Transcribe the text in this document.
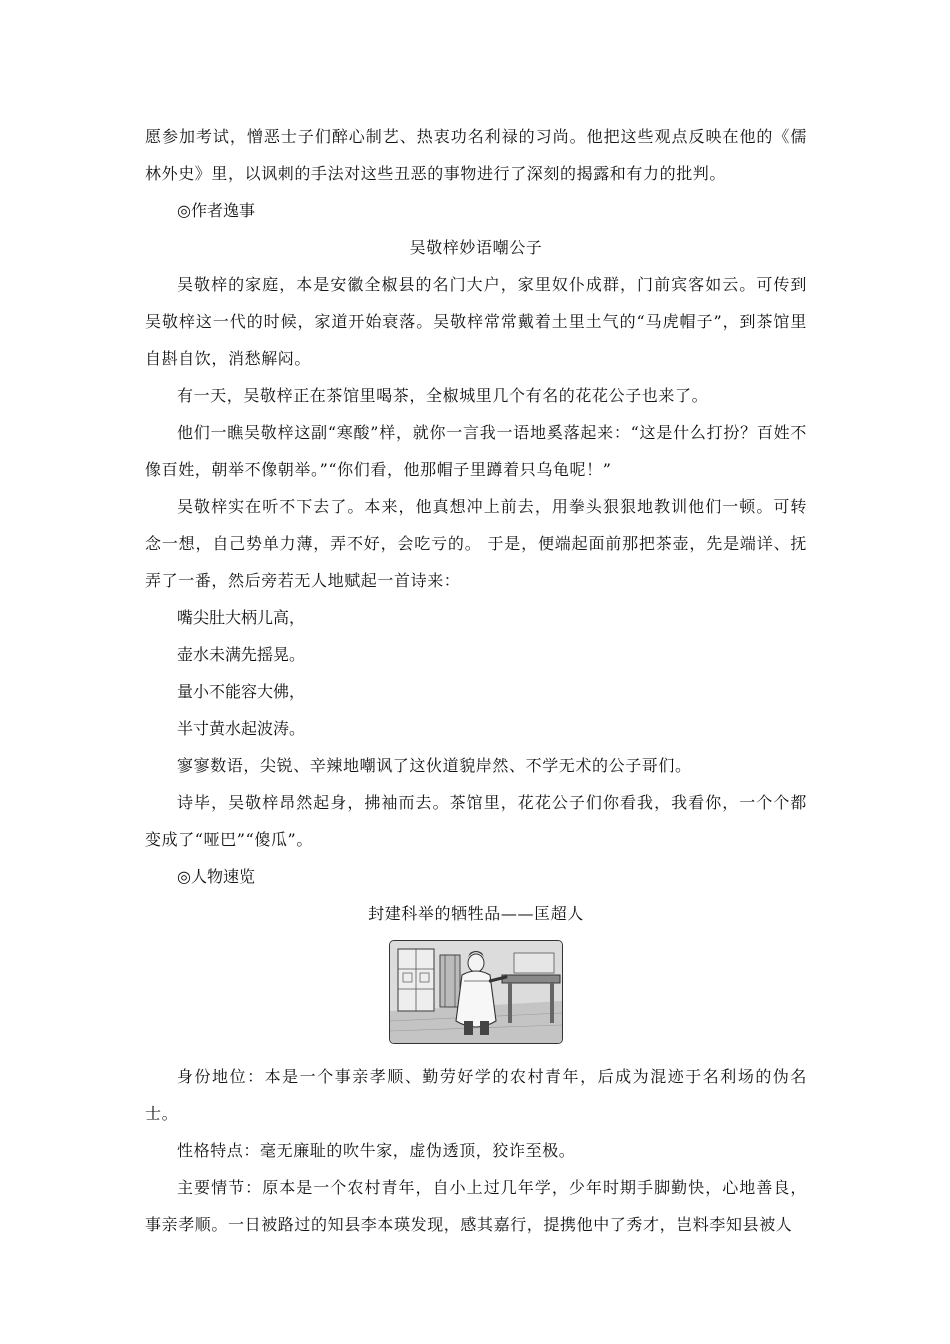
愿参加考试，憎恶士子们醉心制艺、热衷功名利禄的习尚。他把这些观点反映在他的《儒林外史》里，以讽刺的手法对这些丑恶的事物进行了深刻的揭露和有力的批判。

◎作者逸事

吴敬梓妙语嘲公子

吴敬梓的家庭，本是安徽全椒县的名门大户，家里奴仆成群，门前宾客如云。可传到吴敬梓这一代的时候，家道开始衰落。吴敬梓常常戴着土里土气的“马虎帽子”，到茶馆里自斟自饮，消愁解闷。

有一天，吴敬梓正在茶馆里喝茶，全椒城里几个有名的花花公子也来了。

他们一瞧吴敬梓这副“寒酸”样，就你一言我一语地奚落起来：“这是什么打扮？百姓不像百姓，朝举不像朝举。”“你们看，他那帽子里蹲着只乌龟呢！”

吴敬梓实在听不下去了。本来，他真想冲上前去，用拳头狠狠地教训他们一顿。可转念一想，自己势单力薄，弄不好，会吃亏的。 于是，便端起面前那把茶壶，先是端详、抚弄了一番，然后旁若无人地赋起一首诗来：

嘴尖肚大柄儿高，

壶水未满先摇晃。

量小不能容大佛，

半寸黄水起波涛。

寥寥数语，尖锐、辛辣地嘲讽了这伙道貌岸然、不学无术的公子哥们。

诗毕，吴敬梓昂然起身，拂袖而去。茶馆里，花花公子们你看我，我看你，一个个都变成了“哑巴”“傻瓜”。

◎人物速览

封建科举的牺牲品——匡超人

身份地位：本是一个事亲孝顺、勤劳好学的农村青年，后成为混迹于名利场的伪名士。

性格特点：毫无廉耻的吹牛家，虚伪透顶，狡诈至极。

主要情节：原本是一个农村青年，自小上过几年学，少年时期手脚勤快，心地善良，事亲孝顺。一日被路过的知县李本瑛发现，感其嘉行，提携他中了秀才，岂料李知县被人
